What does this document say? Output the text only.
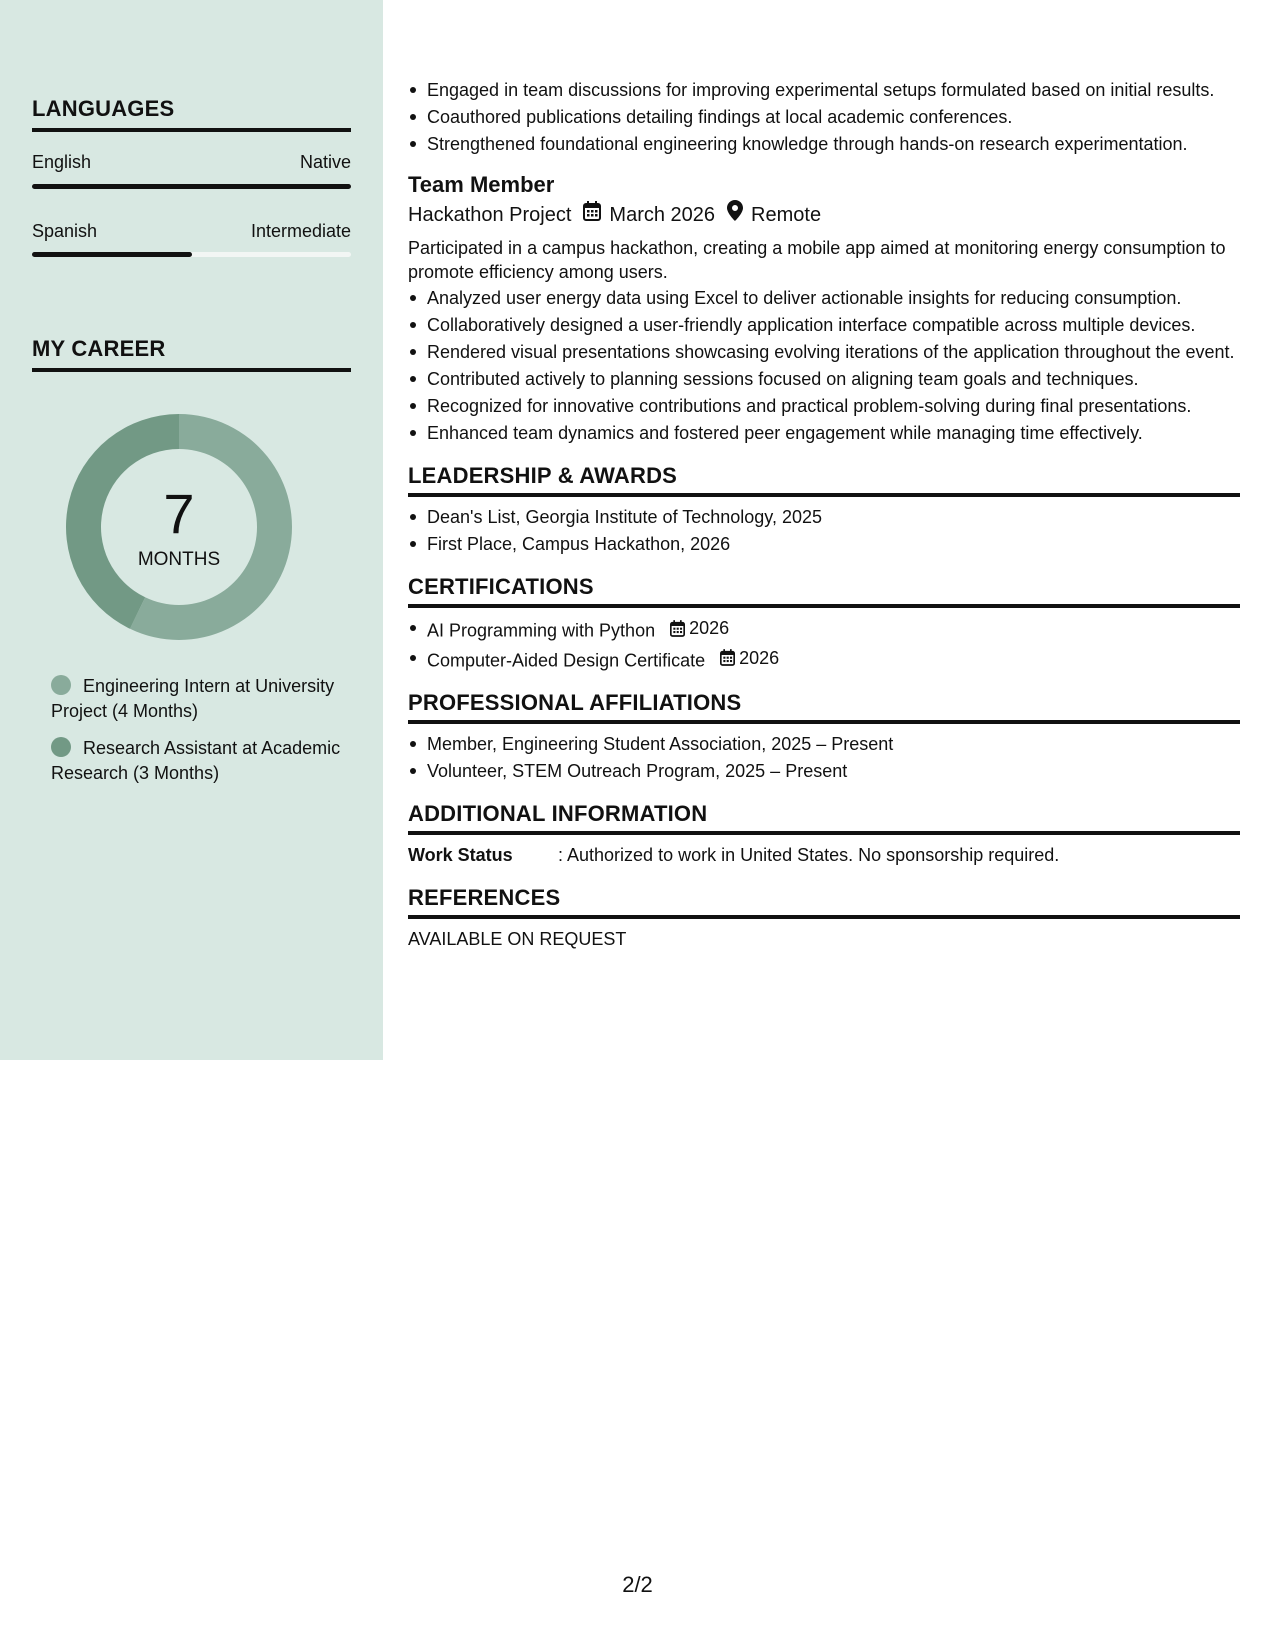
LANGUAGES
English	Native
Spanish	Intermediate
MY CAREER
7
MONTHS
Engineering Intern at University Project (4 Months)
Research Assistant at Academic Research (3 Months)
Engaged in team discussions for improving experimental setups formulated based on initial results.
Coauthored publications detailing findings at local academic conferences.
Strengthened foundational engineering knowledge through hands-on research experimentation.
Team Member
Hackathon Project March 2026 Remote
Participated in a campus hackathon, creating a mobile app aimed at monitoring energy consumption to promote efficiency among users.
Analyzed user energy data using Excel to deliver actionable insights for reducing consumption.
Collaboratively designed a user-friendly application interface compatible across multiple devices.
Rendered visual presentations showcasing evolving iterations of the application throughout the event.
Contributed actively to planning sessions focused on aligning team goals and techniques.
Recognized for innovative contributions and practical problem-solving during final presentations.
Enhanced team dynamics and fostered peer engagement while managing time effectively.
LEADERSHIP & AWARDS
Dean's List, Georgia Institute of Technology, 2025
First Place, Campus Hackathon, 2026
CERTIFICATIONS
AI Programming with Python 2026
Computer-Aided Design Certificate 2026
PROFESSIONAL AFFILIATIONS
Member, Engineering Student Association, 2025 – Present
Volunteer, STEM Outreach Program, 2025 – Present
ADDITIONAL INFORMATION
Work Status	: Authorized to work in United States. No sponsorship required.
REFERENCES
AVAILABLE ON REQUEST
2/2
